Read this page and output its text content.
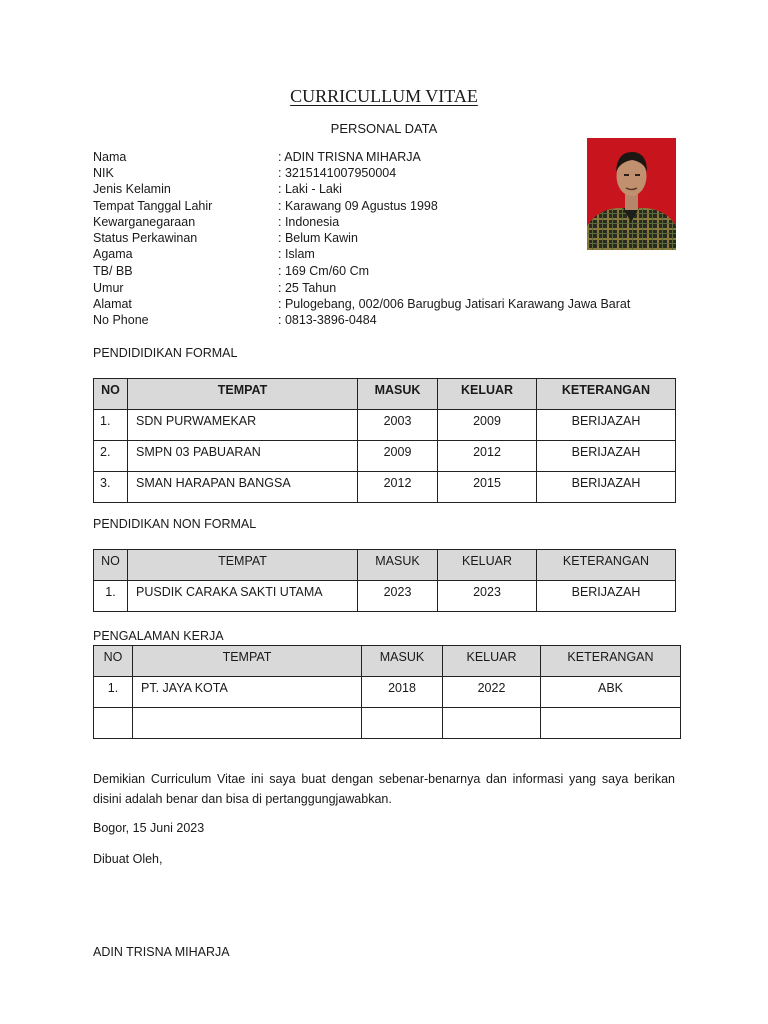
CURRICULLUM VITAE
PERSONAL DATA
Nama	: ADIN TRISNA MIHARJA
NIK	: 3215141007950004
Jenis Kelamin	: Laki - Laki
Tempat Tanggal Lahir	: Karawang 09 Agustus 1998
Kewarganegaraan	: Indonesia
Status Perkawinan	: Belum Kawin
Agama	: Islam
TB/ BB	: 169 Cm/60 Cm
Umur	: 25 Tahun
Alamat	: Pulogebang, 002/006 Barugbug Jatisari Karawang Jawa Barat
No Phone	: 0813-3896-0484
PENDIDIDIKAN FORMAL
NO	TEMPAT	MASUK	KELUAR	KETERANGAN
1.	SDN PURWAMEKAR	2003	2009	BERIJAZAH
2.	SMPN 03 PABUARAN	2009	2012	BERIJAZAH
3.	SMAN HARAPAN BANGSA	2012	2015	BERIJAZAH
PENDIDIKAN NON FORMAL
NO	TEMPAT	MASUK	KELUAR	KETERANGAN
1.	PUSDIK CARAKA SAKTI UTAMA	2023	2023	BERIJAZAH
PENGALAMAN KERJA
NO	TEMPAT	MASUK	KELUAR	KETERANGAN
1.	PT. JAYA KOTA	2018	2022	ABK

Demikian Curriculum Vitae ini saya buat dengan sebenar-benarnya dan informasi yang saya berikan disini adalah benar dan bisa di pertanggungjawabkan.
Bogor, 15 Juni 2023
Dibuat Oleh,
ADIN TRISNA MIHARJA
